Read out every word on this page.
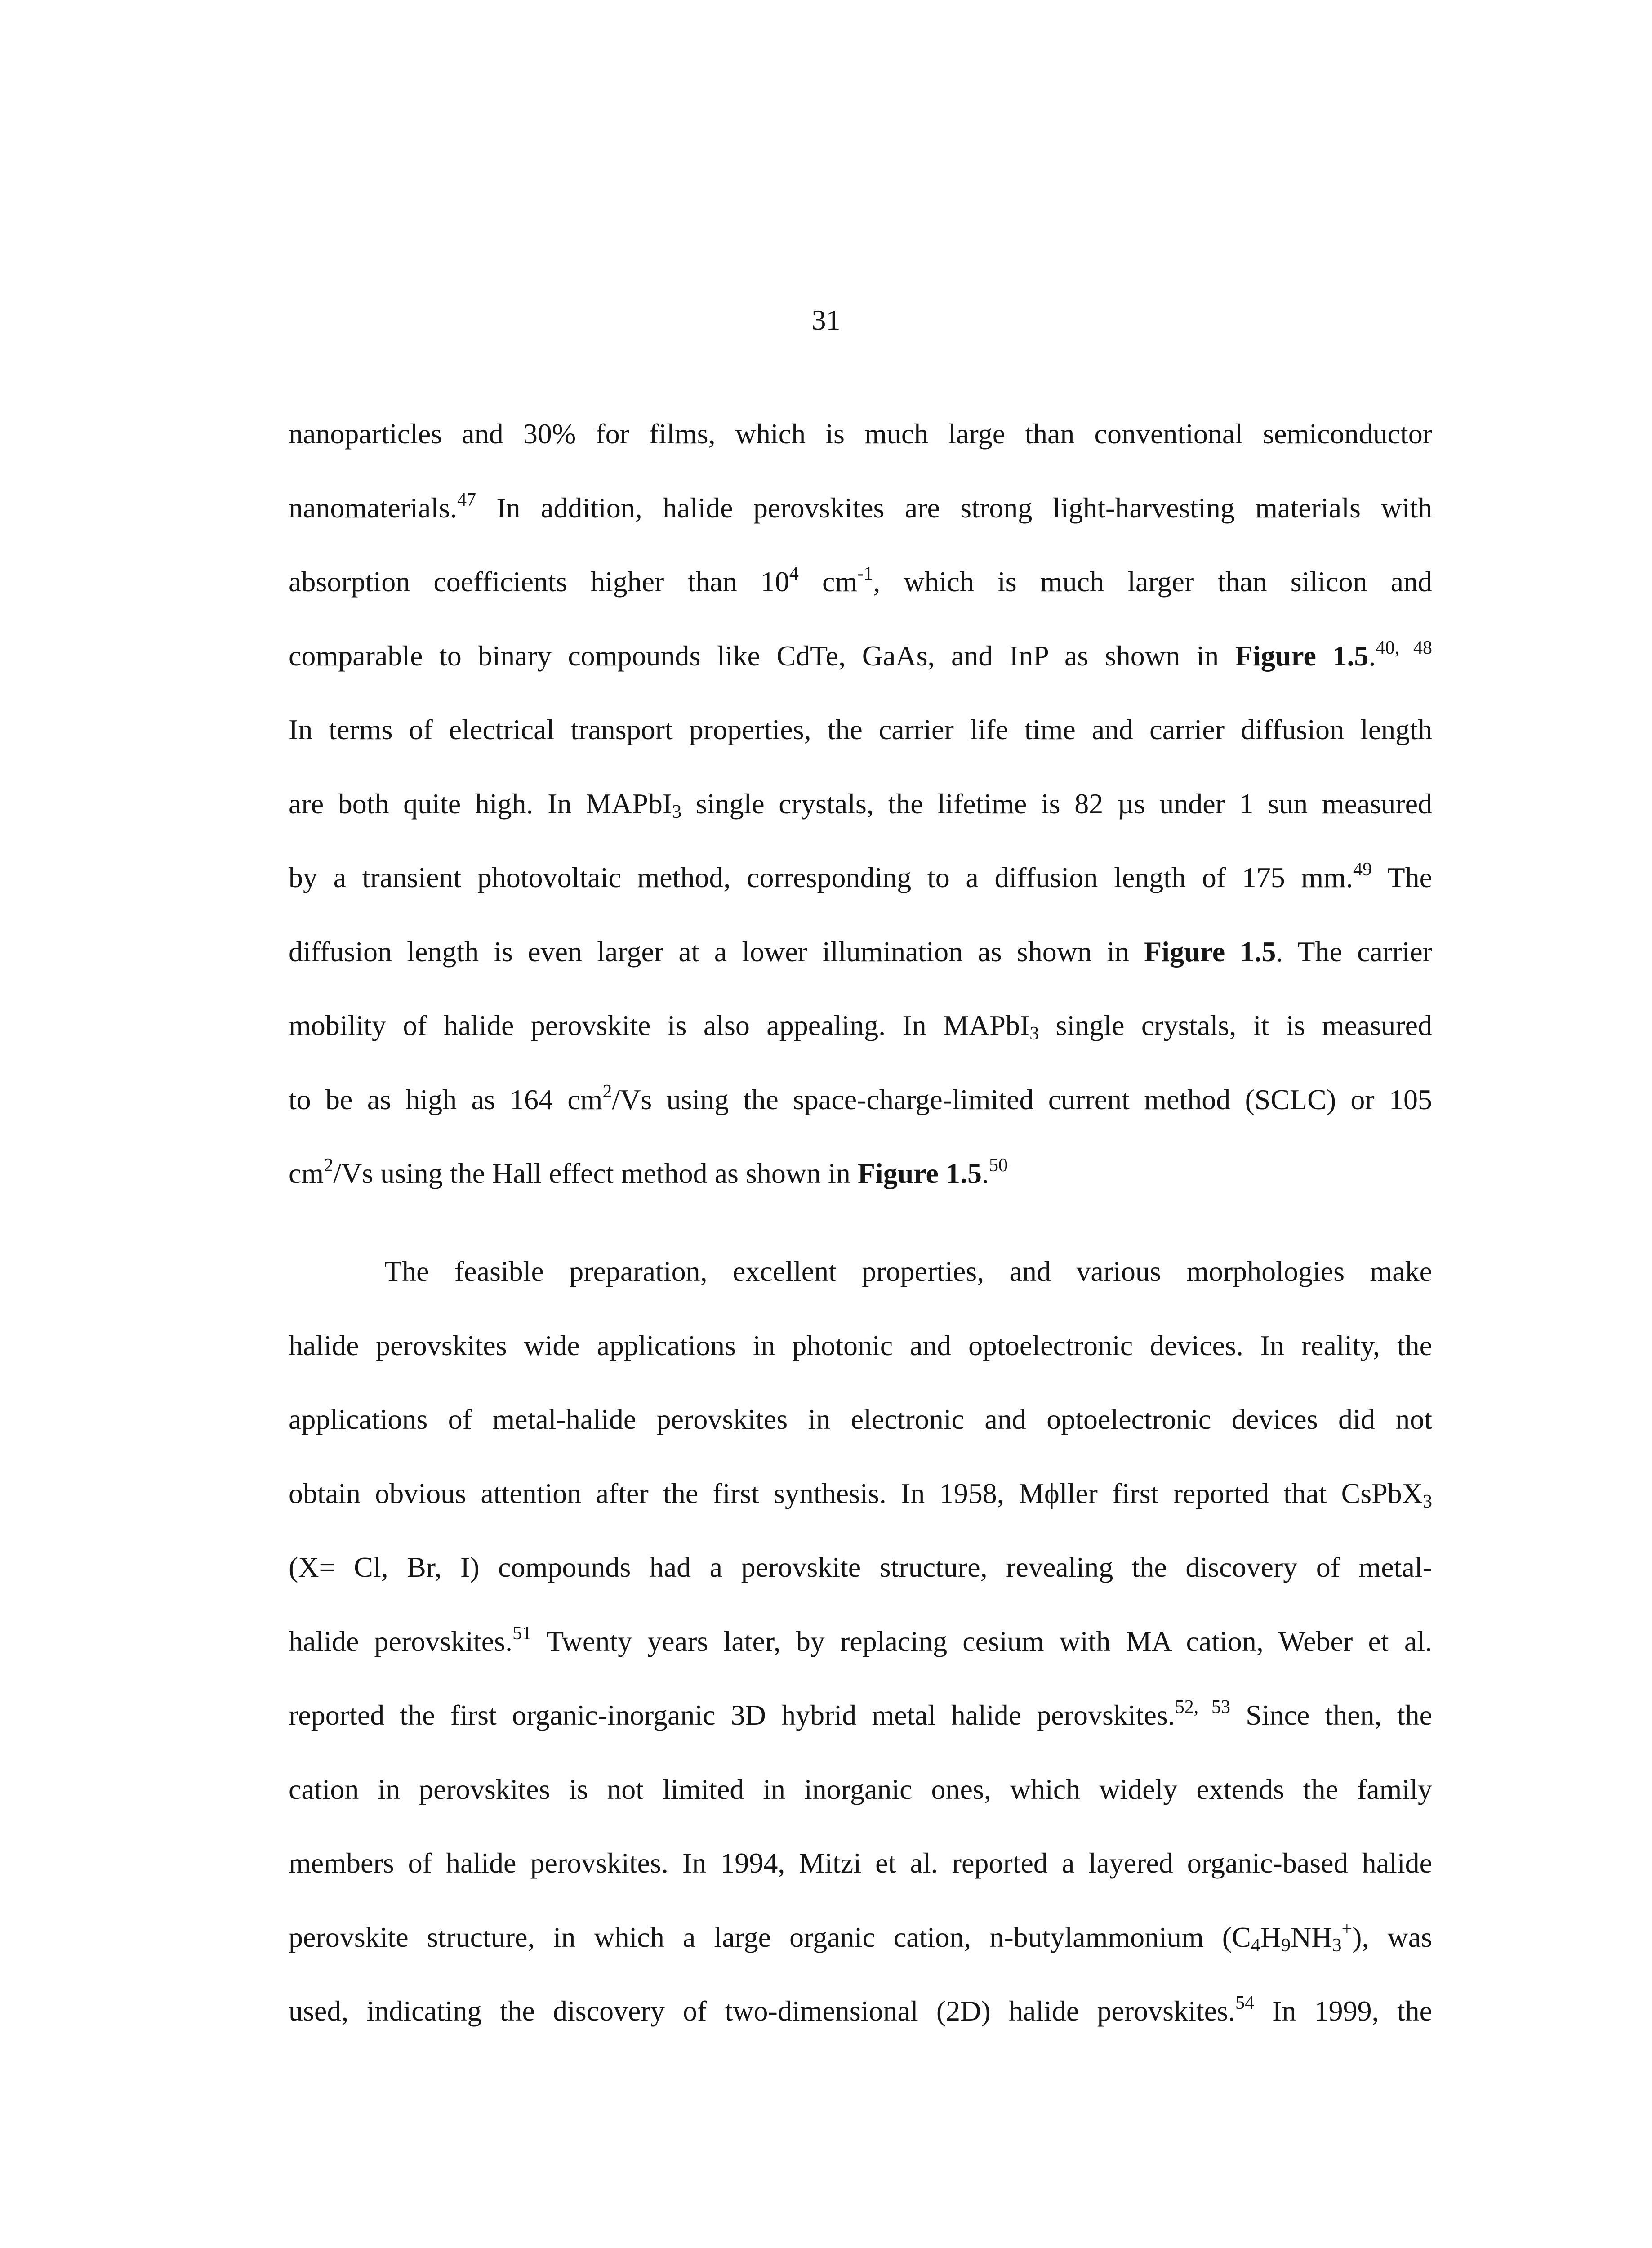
31
nanoparticles and 30% for films, which is much large than conventional semiconductor
nanomaterials.$^{47}$ In addition, halide perovskites are strong light-harvesting materials with
absorption coefficients higher than $10^4$ $cm^{-1}$, which is much larger than silicon and
comparable to binary compounds like CdTe, GaAs, and InP as shown in Figure 1.5.$^{40, 48}$
In terms of electrical transport properties, the carrier life time and carrier diffusion length
are both quite high. In MAPbI$_3$ single crystals, the lifetime is 82 µs under 1 sun measured
by a transient photovoltaic method, corresponding to a diffusion length of 175 mm.$^{49}$ The
diffusion length is even larger at a lower illumination as shown in Figure 1.5. The carrier
mobility of halide perovskite is also appealing. In MAPbI$_3$ single crystals, it is measured
to be as high as 164 $cm^2/Vs$ using the space-charge-limited current method (SCLC) or 105
$cm^2/Vs$ using the Hall effect method as shown in Figure 1.5.50
The feasible preparation, excellent properties, and various morphologies make
halide perovskites wide applications in photonic and optoelectronic devices. In reality, the
applications of metal-halide perovskites in electronic and optoelectronic devices did not
obtain obvious attention after the first synthesis. In 1958, Mϕller first reported that CsPbX$_3$
(X= Cl, Br, I) compounds had a perovskite structure, revealing the discovery of metal-
halide perovskites.$^{51}$ Twenty years later, by replacing cesium with MA cation, Weber et al.
reported the first organic-inorganic 3D hybrid metal halide perovskites.$^{52, 53}$ Since then, the
cation in perovskites is not limited in inorganic ones, which widely extends the family
members of halide perovskites. In 1994, Mitzi et al. reported a layered organic-based halide
perovskite structure, in which a large organic cation, n-butylammonium $(C_4H_9NH_3^+)$, was
used, indicating the discovery of two-dimensional (2D) halide perovskites.$^{54}$ In 1999, the
